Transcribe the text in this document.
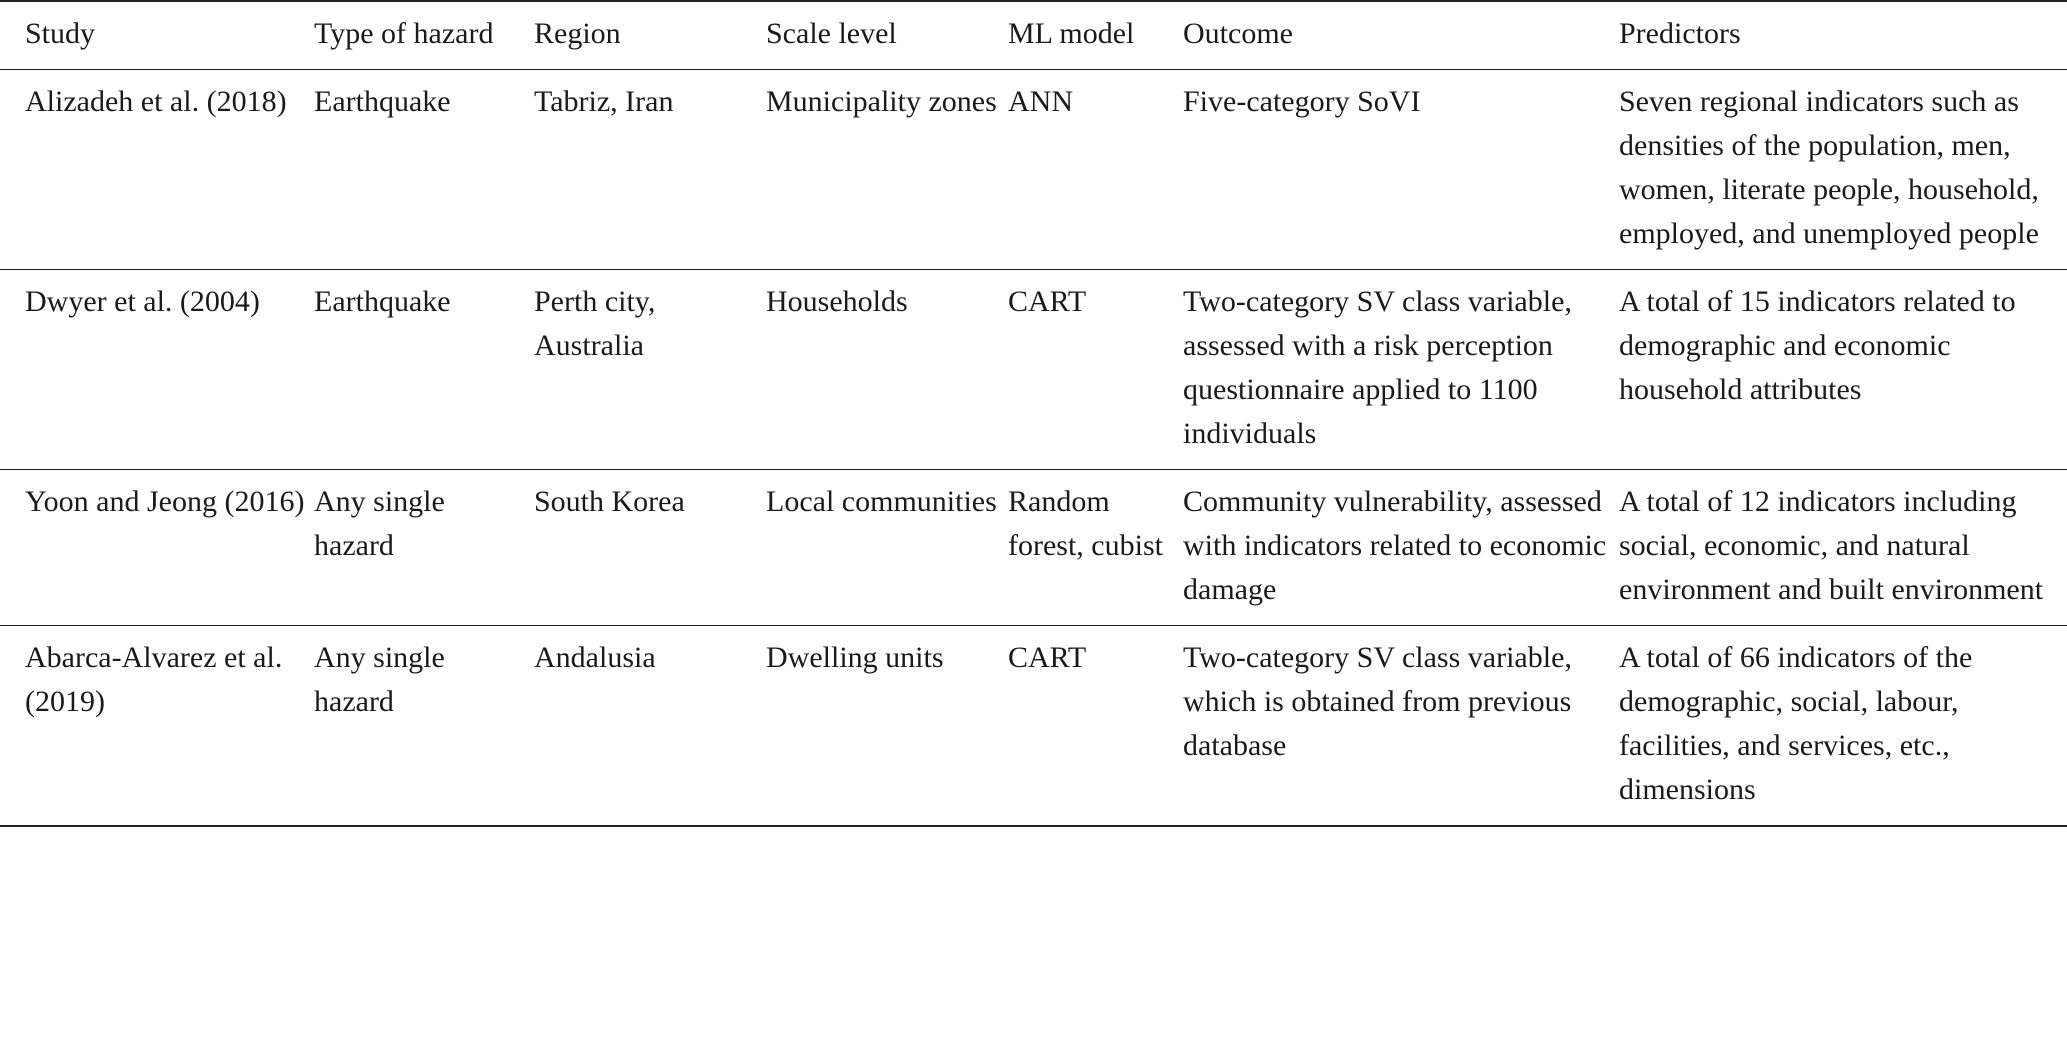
Study	Type of hazard	Region	Scale level	ML model	Outcome	Predictors
Alizadeh et al. (2018)	Earthquake	Tabriz, Iran	Municipality zones	ANN	Five-category SoVI	Seven regional indicators such as densities of the population, men, women, literate people, household, employed, and unemployed people
Dwyer et al. (2004)	Earthquake	Perth city, Australia	Households	CART	Two-category SV class variable, assessed with a risk perception questionnaire applied to 1100 individuals	A total of 15 indicators related to demographic and economic household attributes
Yoon and Jeong (2016)	Any single hazard	South Korea	Local communities	Random forest, cubist	Community vulnerability, assessed with indicators related to economic damage	A total of 12 indicators including social, economic, and natural environment and built environment
Abarca-Alvarez et al. (2019)	Any single hazard	Andalusia	Dwelling units	CART	Two-category SV class variable, which is obtained from previous database	A total of 66 indicators of the demographic, social, labour, facilities, and services, etc., dimensions
